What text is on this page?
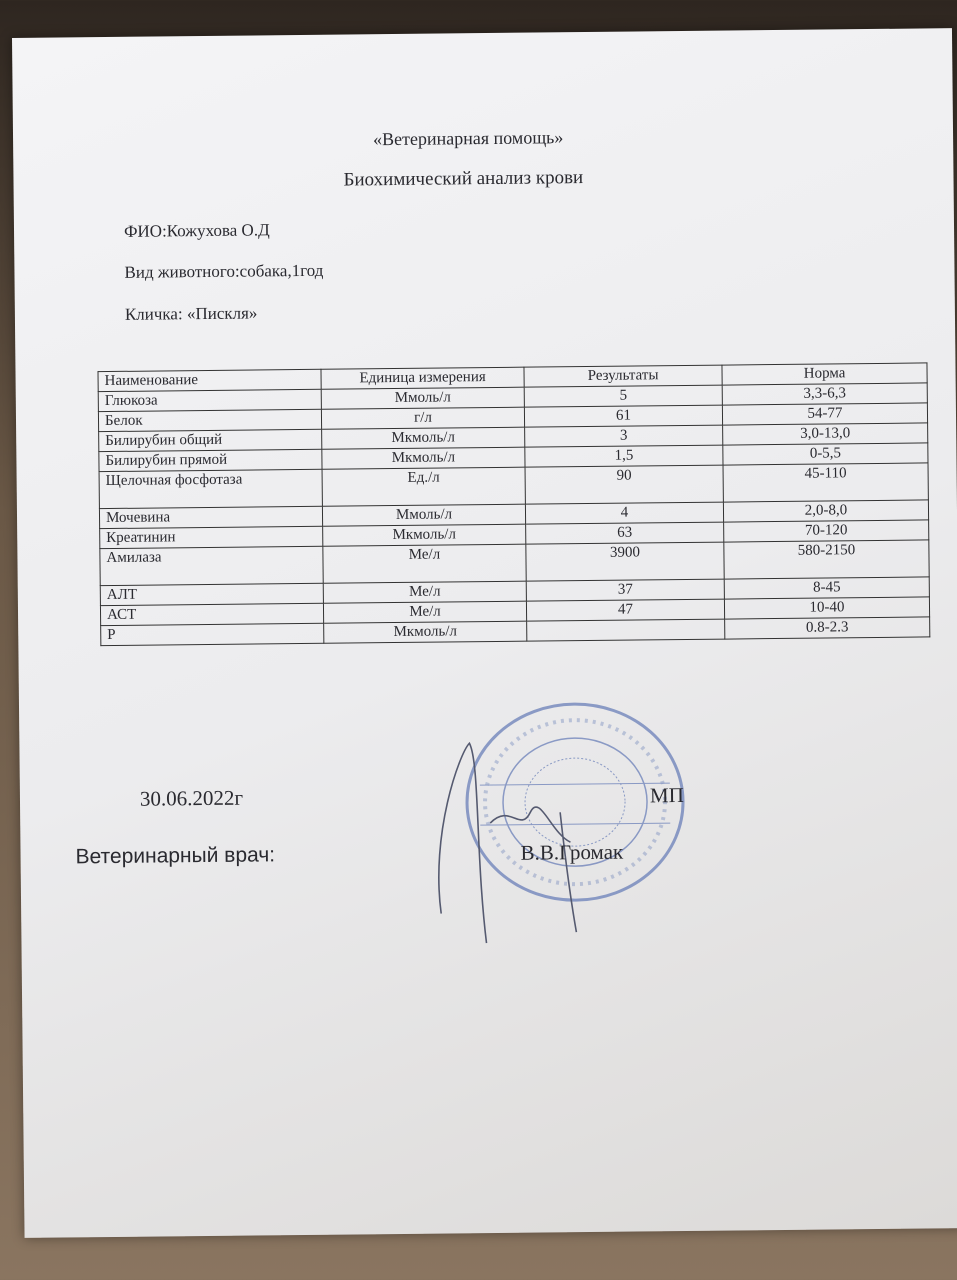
«Ветеринарная помощь»
Биохимический анализ крови
ФИО:Кожухова О.Д
Вид животного:собака,1год
Кличка: «Пискля»
Наименование	Единица измерения	Результаты	Норма
Глюкоза	Ммоль/л	5	3,3-6,3
Белок	г/л	61	54-77
Билирубин общий	Мкмоль/л	3	3,0-13,0
Билирубин прямой	Мкмоль/л	1,5	0-5,5
Щелочная фосфотаза	Ед./л	90	45-110
Мочевина	Ммоль/л	4	2,0-8,0
Креатинин	Мкмоль/л	63	70-120
Амилаза	Ме/л	3900	580-2150
АЛТ	Ме/л	37	8-45
АСТ	Ме/л	47	10-40
P	Мкмоль/л		0.8-2.3
30.06.2022г
Ветеринарный врач:
МП
В.В.Громак
